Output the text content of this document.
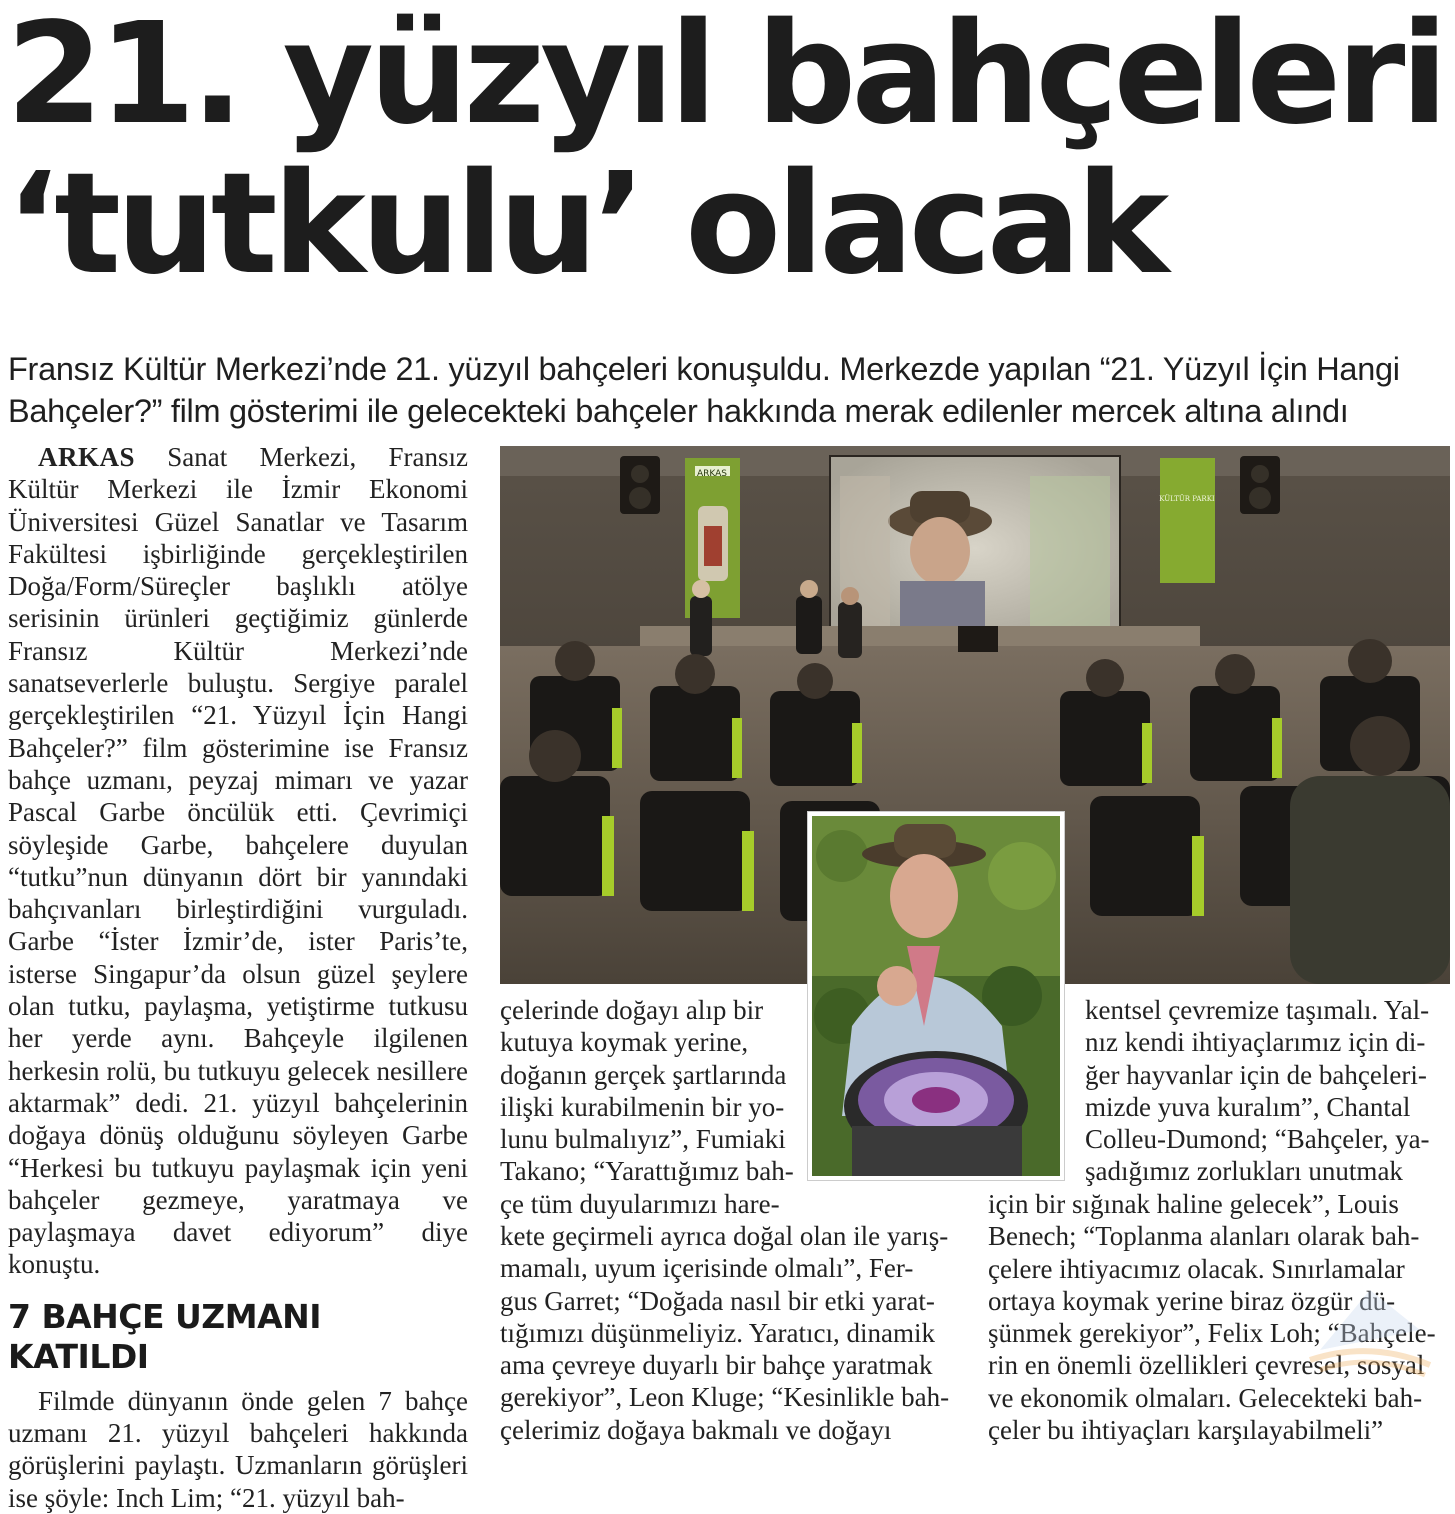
21. yüzyıl bahçeleri
‘tutkulu’ olacak

Fransız Kültür Merkezi’nde 21. yüzyıl bahçeleri konuşuldu. Merkezde yapılan “21. Yüzyıl İçin Hangi Bahçeler?” film gösterimi ile gelecekteki bahçeler hakkında merak edilenler mercek altına alındı

ARKAS Sanat Merkezi, Fransız Kültür Merkezi ile İzmir Ekonomi Üniversitesi Güzel Sanatlar ve Tasarım Fakültesi işbirliğinde gerçekleştirilen Doğa/Form/Süreçler başlıklı atölye serisinin ürünleri geçtiğimiz günlerde Fransız Kültür Merkezi’nde sanatseverlerle buluştu. Sergiye paralel gerçekleştirilen “21. Yüzyıl İçin Hangi Bahçeler?” film gösterimine ise Fransız bahçe uzmanı, peyzaj mimarı ve yazar Pascal Garbe öncülük etti. Çevrimiçi söyleşide Garbe, bahçelere duyulan “tutku”nun dünyanın dört bir yanındaki bahçıvanları birleştirdiğini vurguladı. Garbe “İster İzmir’de, ister Paris’te, isterse Singapur’da olsun güzel şeylere olan tutku, paylaşma, yetiştirme tutkusu her yerde aynı. Bahçeyle ilgilenen herkesin rolü, bu tutkuyu gelecek nesillere aktarmak” dedi. 21. yüzyıl bahçelerinin doğaya dönüş olduğunu söyleyen Garbe “Herkesi bu tutkuyu paylaşmak için yeni bahçeler gezmeye, yaratmaya ve paylaşmaya davet ediyorum” diye konuştu.

7 BAHÇE UZMANI KATILDI

Filmde dünyanın önde gelen 7 bahçe uzmanı 21. yüzyıl bahçeleri hakkında görüşlerini paylaştı. Uzmanların görüşleri ise şöyle: Inch Lim; “21. yüzyıl bah-

ARKAS
KÜLTÜR PARKI
çelerinde doğayı alıp bir
kutuya koymak yerine,
doğanın gerçek şartlarında
ilişki kurabilmenin bir yo-
lunu bulmalıyız”, Fumiaki
Takano; “Yarattığımız bah-
çe tüm duyularımızı hare-
kete geçirmeli ayrıca doğal olan ile yarış-
mamalı, uyum içerisinde olmalı”, Fer-
gus Garret; “Doğada nasıl bir etki yarat-
tığımızı düşünmeliyiz. Yaratıcı, dinamik
ama çevreye duyarlı bir bahçe yaratmak
gerekiyor”, Leon Kluge; “Kesinlikle bah-
çelerimiz doğaya bakmalı ve doğayı
kentsel çevremize taşımalı. Yal-
nız kendi ihtiyaçlarımız için di-
ğer hayvanlar için de bahçeleri-
mizde yuva kuralım”, Chantal
Colleu-Dumond; “Bahçeler, ya-
şadığımız zorlukları unutmak
için bir sığınak haline gelecek”, Louis
Benech; “Toplanma alanları olarak bah-
çelere ihtiyacımız olacak. Sınırlamalar
ortaya koymak yerine biraz özgür dü-
şünmek gerekiyor”, Felix Loh; “Bahçele-
rin en önemli özellikleri çevresel, sosyal
ve ekonomik olmaları. Gelecekteki bah-
çeler bu ihtiyaçları karşılayabilmeli”
